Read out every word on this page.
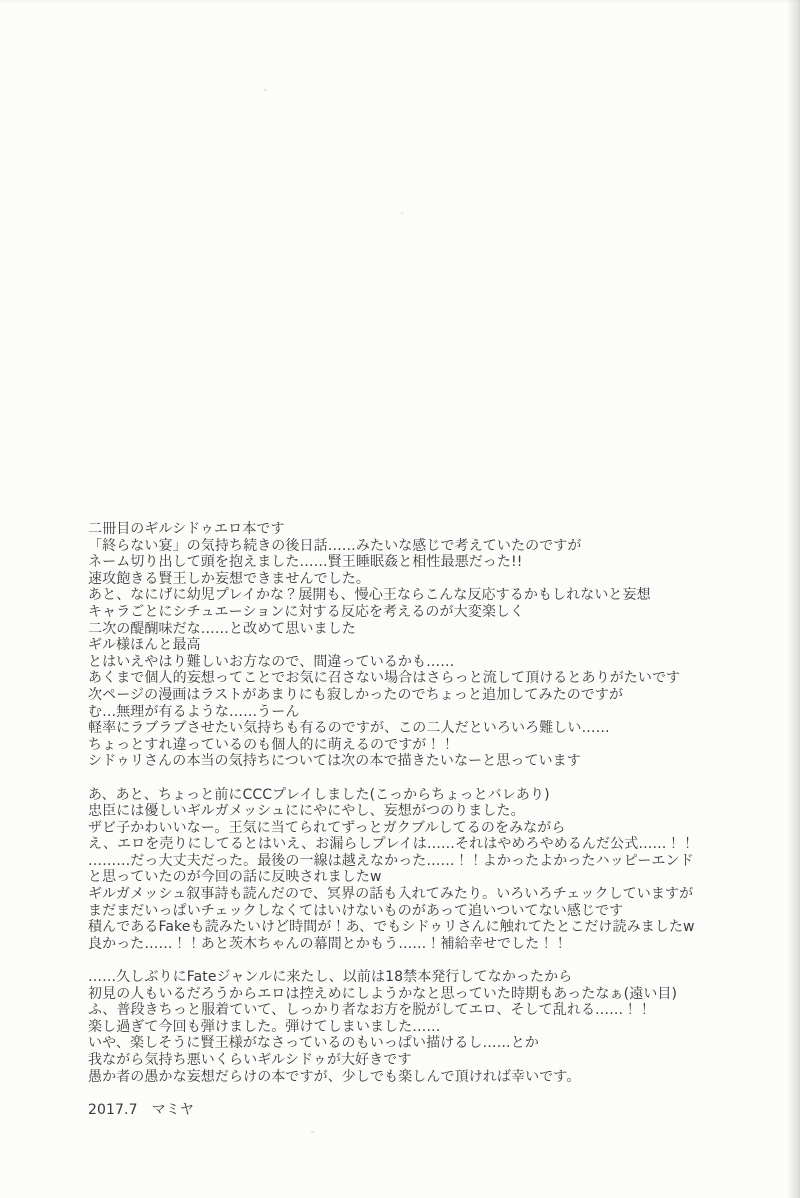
二冊目のギルシドゥエロ本です
「終らない宴」の気持ち続きの後日話……みたいな感じで考えていたのですが
ネーム切り出して頭を抱えました……賢王睡眠姦と相性最悪だった!!
速攻飽きる賢王しか妄想できませんでした。
あと、なにげに幼児プレイかな？展開も、慢心王ならこんな反応するかもしれないと妄想
キャラごとにシチュエーションに対する反応を考えるのが大変楽しく
二次の醍醐味だな……と改めて思いました
ギル様ほんと最高
とはいえやはり難しいお方なので、間違っているかも……
あくまで個人的妄想ってことでお気に召さない場合はさらっと流して頂けるとありがたいです
次ページの漫画はラストがあまりにも寂しかったのでちょっと追加してみたのですが
む…無理が有るような……うーん
軽率にラブラブさせたい気持ちも有るのですが、この二人だといろいろ難しい……
ちょっとすれ違っているのも個人的に萌えるのですが！！
シドゥリさんの本当の気持ちについては次の本で描きたいなーと思っています
あ、あと、ちょっと前にCCCプレイしました(こっからちょっとバレあり)
忠臣には優しいギルガメッシュににやにやし、妄想がつのりました。
ザビ子かわいいなー。王気に当てられてずっとガクブルしてるのをみながら
え、エロを売りにしてるとはいえ、お漏らしプレイは……それはやめろやめるんだ公式……！！
………だっ大丈夫だった。最後の一線は越えなかった……！！よかったよかったハッピーエンド
と思っていたのが今回の話に反映されましたw
ギルガメッシュ叙事詩も読んだので、冥界の話も入れてみたり。いろいろチェックしていますが
まだまだいっぱいチェックしなくてはいけないものがあって追いついてない感じです
積んであるFakeも読みたいけど時間が！あ、でもシドゥリさんに触れてたとこだけ読みましたw
良かった……！！あと茨木ちゃんの幕間とかもう……！補給幸せでした！！
……久しぶりにFateジャンルに来たし、以前は18禁本発行してなかったから
初見の人もいるだろうからエロは控えめにしようかなと思っていた時期もあったなぁ(遠い目)
ふ、普段きちっと服着ていて、しっかり者なお方を脱がしてエロ、そして乱れる……！！
楽し過ぎて今回も弾けました。弾けてしまいました……
いや、楽しそうに賢王様がなさっているのもいっぱい描けるし……とか
我ながら気持ち悪いくらいギルシドゥが大好きです
愚か者の愚かな妄想だらけの本ですが、少しでも楽しんで頂ければ幸いです。
2017.7　マミヤ
